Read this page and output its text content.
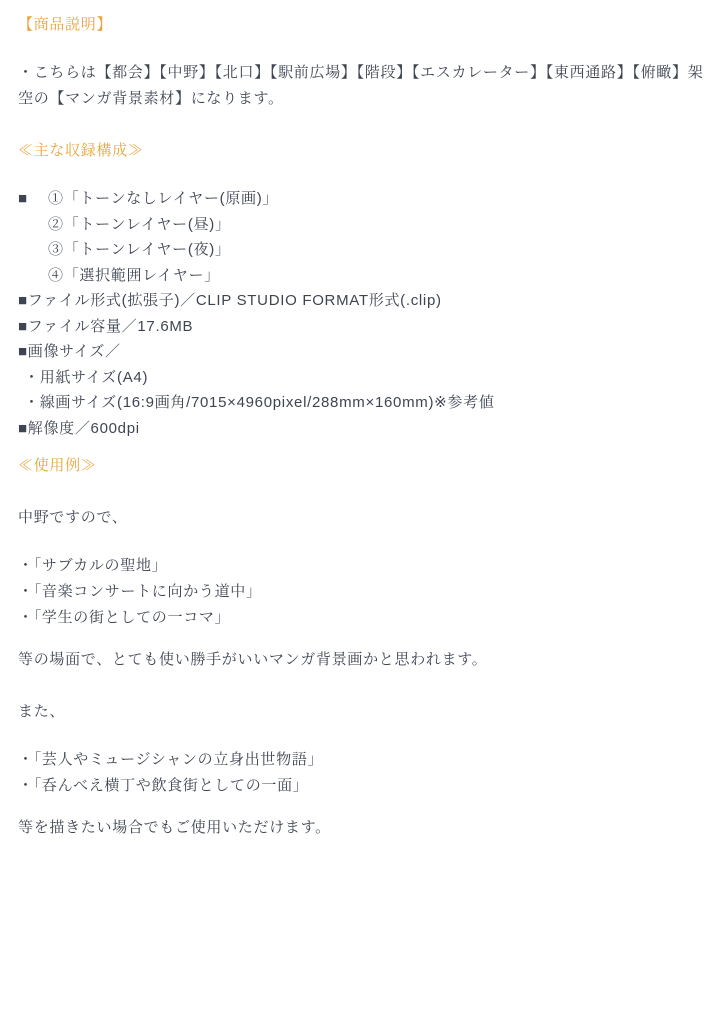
【商品説明】
・こちらは【都会】【中野】【北口】【駅前広場】【階段】【エスカレーター】【東西通路】【俯瞰】架空の【マンガ背景素材】になります。
≪主な収録構成≫
■	①「トーンなしレイヤー(原画)」
②「トーンレイヤー(昼)」
③「トーンレイヤー(夜)」
④「選択範囲レイヤー」
■ファイル形式(拡張子)／CLIP STUDIO FORMAT形式(.clip)
■ファイル容量／17.6MB
■画像サイズ／
・用紙サイズ(A4)
・線画サイズ(16:9画角/7015×4960pixel/288mm×160mm)※参考値
■解像度／600dpi
≪使用例≫
中野ですので、
・「サブカルの聖地」
・「音楽コンサートに向かう道中」
・「学生の街としての一コマ」
等の場面で、とても使い勝手がいいマンガ背景画かと思われます。
また、
・「芸人やミュージシャンの立身出世物語」
・「呑んべえ横丁や飲食街としての一面」
等を描きたい場合でもご使用いただけます。
